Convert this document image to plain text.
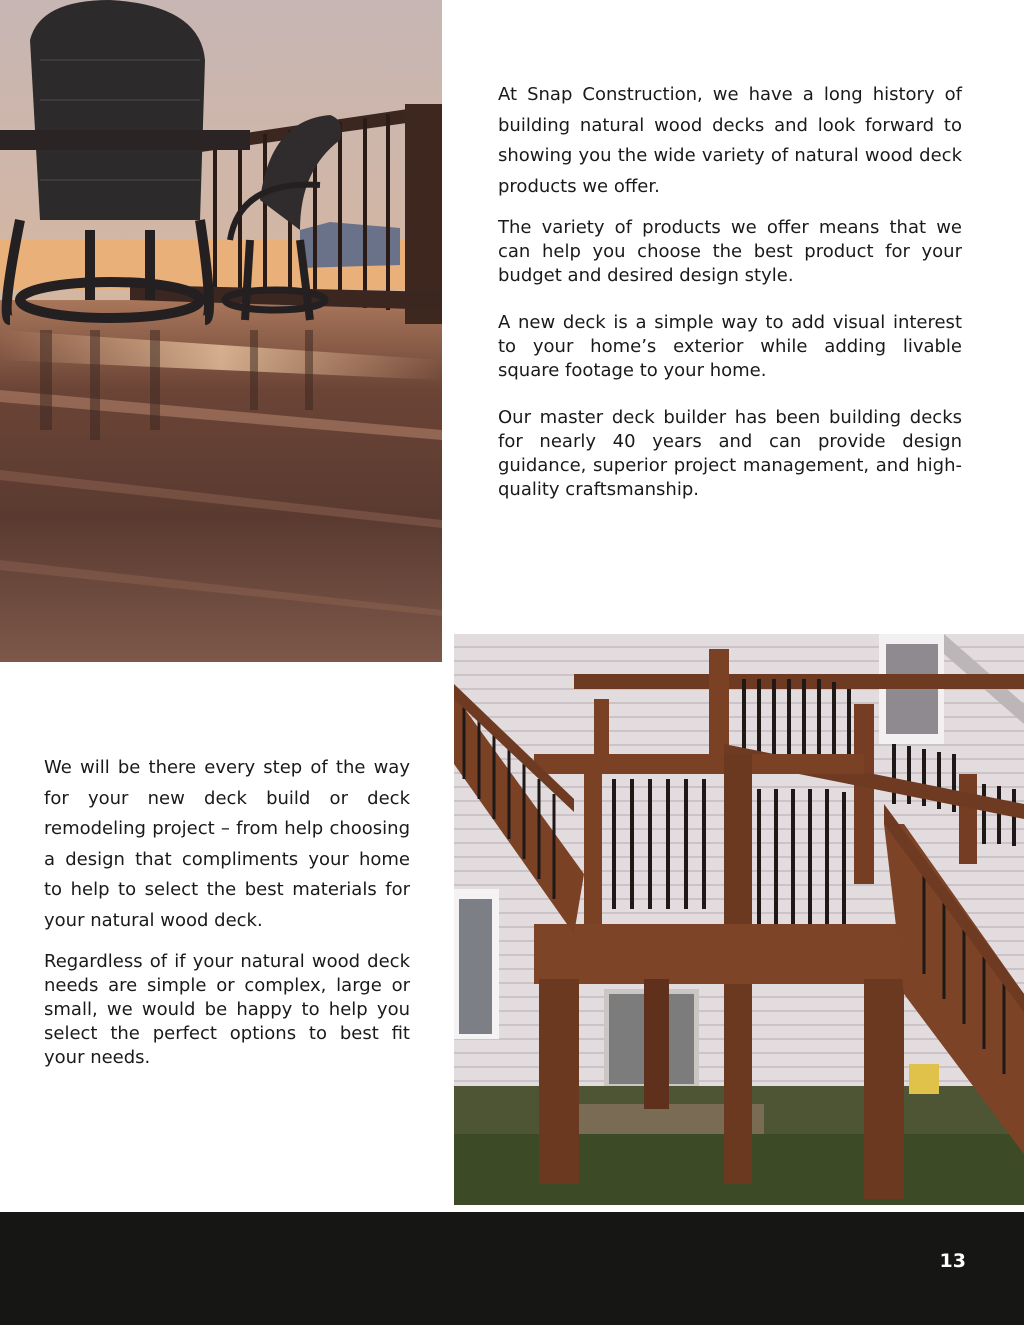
At Snap Construction, we have a long history of building natural wood decks and look forward to showing you the wide variety of natural wood deck products we offer.

The variety of products we offer means that we can help you choose the best product for your budget and desired design style.

A new deck is a simple way to add visual interest to your home’s exterior while adding livable square footage to your home.

Our master deck builder has been building decks for nearly 40 years and can provide design guidance, superior project management, and high-quality craftsmanship.

We will be there every step of the way for your new deck build or deck remodeling project – from help choosing a design that compliments your home to help to select the best materials for your natural wood deck.

Regardless of if your natural wood deck needs are simple or complex, large or small, we would be happy to help you select the perfect options to best fit your needs.

13
